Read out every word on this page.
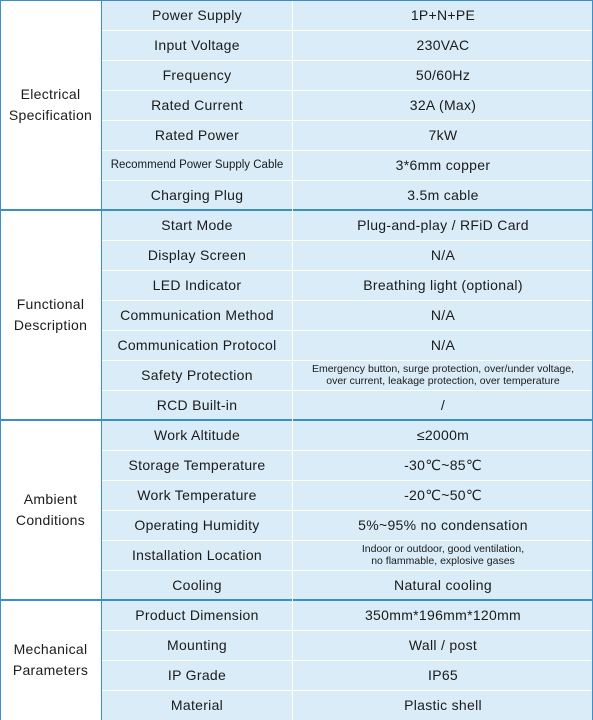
Electrical
Specification
Power Supply	1P+N+PE
Input Voltage	230VAC
Frequency	50/60Hz
Rated Current	32A (Max)
Rated Power	7kW
Recommend Power Supply Cable	3*6mm copper
Charging Plug	3.5m cable
Functional
Description
Start Mode	Plug-and-play / RFiD Card
Display Screen	N/A
LED Indicator	Breathing light (optional)
Communication Method	N/A
Communication Protocol	N/A
Safety Protection	Emergency button, surge protection, over/under voltage,
over current, leakage protection, over temperature
RCD Built-in	/
Ambient
Conditions
Work Altitude	≤2000m
Storage Temperature	-30℃~85℃
Work Temperature	-20℃~50℃
Operating Humidity	5%~95% no condensation
Installation Location	Indoor or outdoor, good ventilation,
no flammable, explosive gases
Cooling	Natural cooling
Mechanical
Parameters
Product Dimension	350mm*196mm*120mm
Mounting	Wall / post
IP Grade	IP65
Material	Plastic shell
